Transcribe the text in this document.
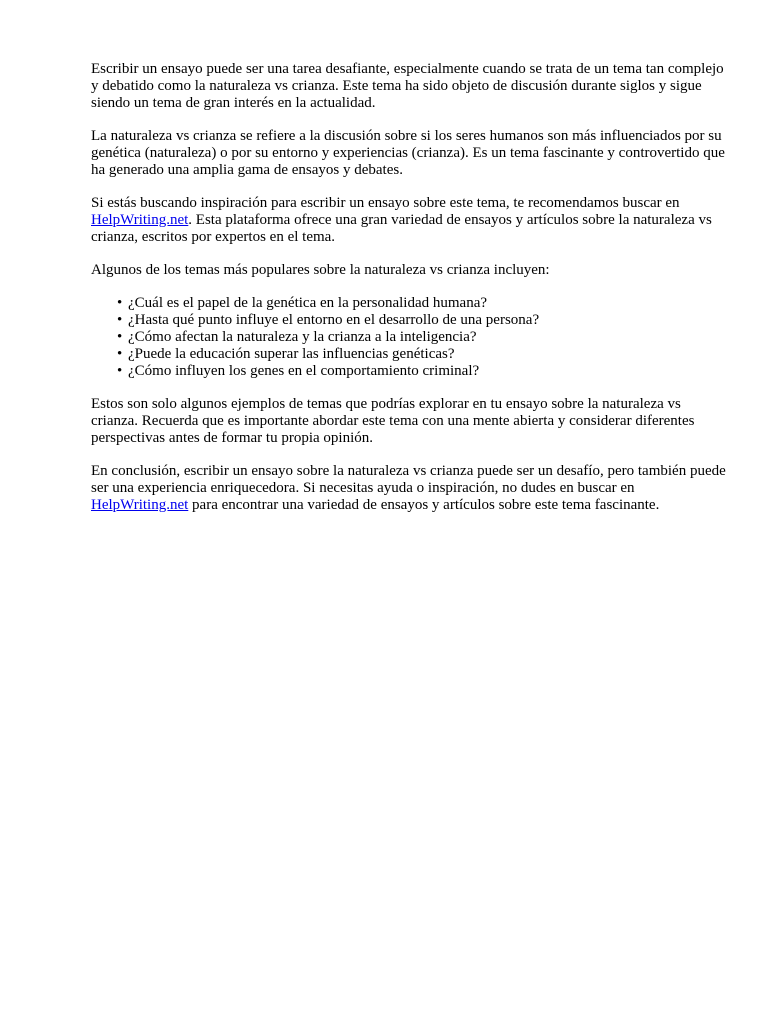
Escribir un ensayo puede ser una tarea desafiante, especialmente cuando se trata de un tema tan complejo y debatido como la naturaleza vs crianza. Este tema ha sido objeto de discusión durante siglos y sigue siendo un tema de gran interés en la actualidad.

La naturaleza vs crianza se refiere a la discusión sobre si los seres humanos son más influenciados por su genética (naturaleza) o por su entorno y experiencias (crianza). Es un tema fascinante y controvertido que ha generado una amplia gama de ensayos y debates.

Si estás buscando inspiración para escribir un ensayo sobre este tema, te recomendamos buscar en HelpWriting.net. Esta plataforma ofrece una gran variedad de ensayos y artículos sobre la naturaleza vs crianza, escritos por expertos en el tema.

Algunos de los temas más populares sobre la naturaleza vs crianza incluyen:

• ¿Cuál es el papel de la genética en la personalidad humana?
• ¿Hasta qué punto influye el entorno en el desarrollo de una persona?
• ¿Cómo afectan la naturaleza y la crianza a la inteligencia?
• ¿Puede la educación superar las influencias genéticas?
• ¿Cómo influyen los genes en el comportamiento criminal?

Estos son solo algunos ejemplos de temas que podrías explorar en tu ensayo sobre la naturaleza vs crianza. Recuerda que es importante abordar este tema con una mente abierta y considerar diferentes perspectivas antes de formar tu propia opinión.

En conclusión, escribir un ensayo sobre la naturaleza vs crianza puede ser un desafío, pero también puede ser una experiencia enriquecedora. Si necesitas ayuda o inspiración, no dudes en buscar en HelpWriting.net para encontrar una variedad de ensayos y artículos sobre este tema fascinante.
